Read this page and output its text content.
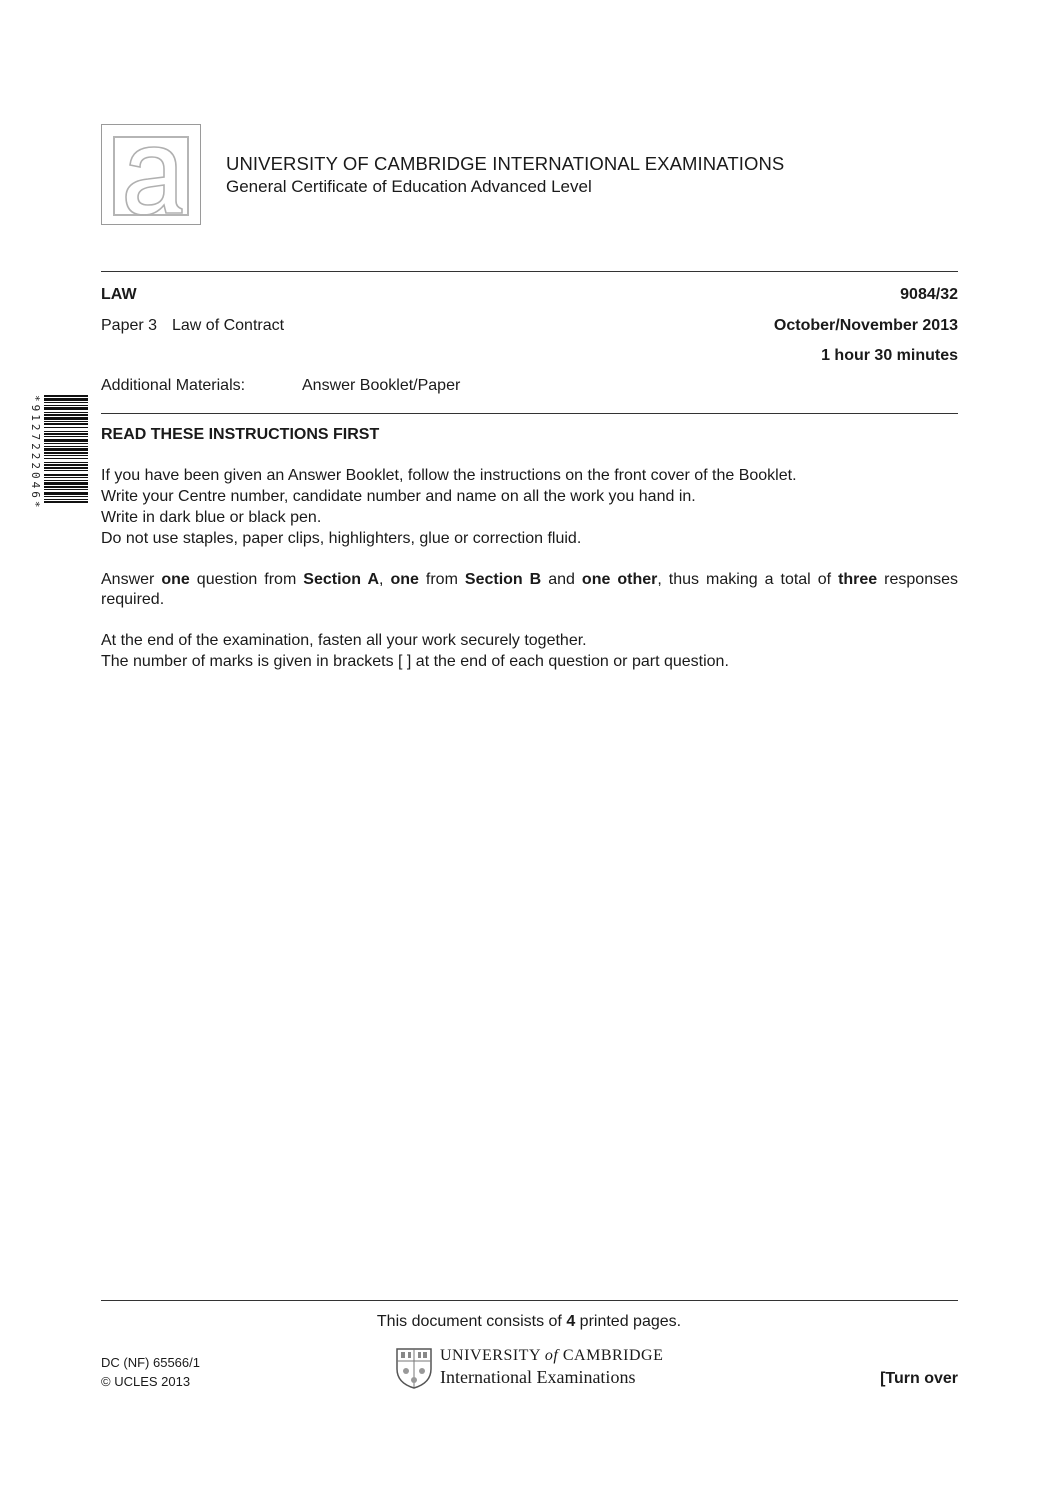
UNIVERSITY OF CAMBRIDGE INTERNATIONAL EXAMINATIONS
General Certificate of Education Advanced Level
LAW	9084/32
Paper 3 Law of Contract	October/November 2013
1 hour 30 minutes
Additional Materials:	Answer Booklet/Paper
*9127222046*	READ THESE INSTRUCTIONS FIRST
If you have been given an Answer Booklet, follow the instructions on the front cover of the Booklet.
Write your Centre number, candidate number and name on all the work you hand in.
Write in dark blue or black pen.
Do not use staples, paper clips, highlighters, glue or correction fluid.
Answer one question from Section A, one from Section B and one other, thus making a total of three responses required.
At the end of the examination, fasten all your work securely together.
The number of marks is given in brackets [ ] at the end of each question or part question.
This document consists of 4 printed pages.
DC (NF) 65566/1
© UCLES 2013
UNIVERSITY of CAMBRIDGE
International Examinations	[Turn over
